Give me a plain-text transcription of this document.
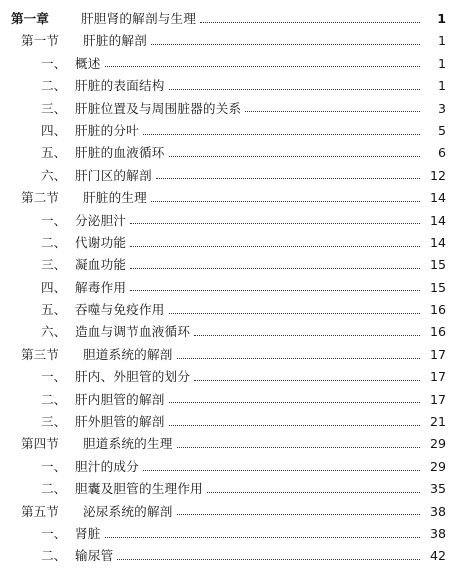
第一章	肝胆肾的解剖与生理	1
第一节	肝脏的解剖	1
一、 概述	1
二、 肝脏的表面结构	1
三、 肝脏位置及与周围脏器的关系	3
四、 肝脏的分叶	5
五、 肝脏的血液循环	6
六、 肝门区的解剖	12
第二节	肝脏的生理	14
一、 分泌胆汁	14
二、 代谢功能	14
三、 凝血功能	15
四、 解毒作用	15
五、 吞噬与免疫作用	16
六、 造血与调节血液循环	16
第三节	胆道系统的解剖	17
一、 肝内、外胆管的划分	17
二、 肝内胆管的解剖	17
三、 肝外胆管的解剖	21
第四节	胆道系统的生理	29
一、 胆汁的成分	29
二、 胆囊及胆管的生理作用	35
第五节	泌尿系统的解剖	38
一、 肾脏	38
二、 输尿管	42
